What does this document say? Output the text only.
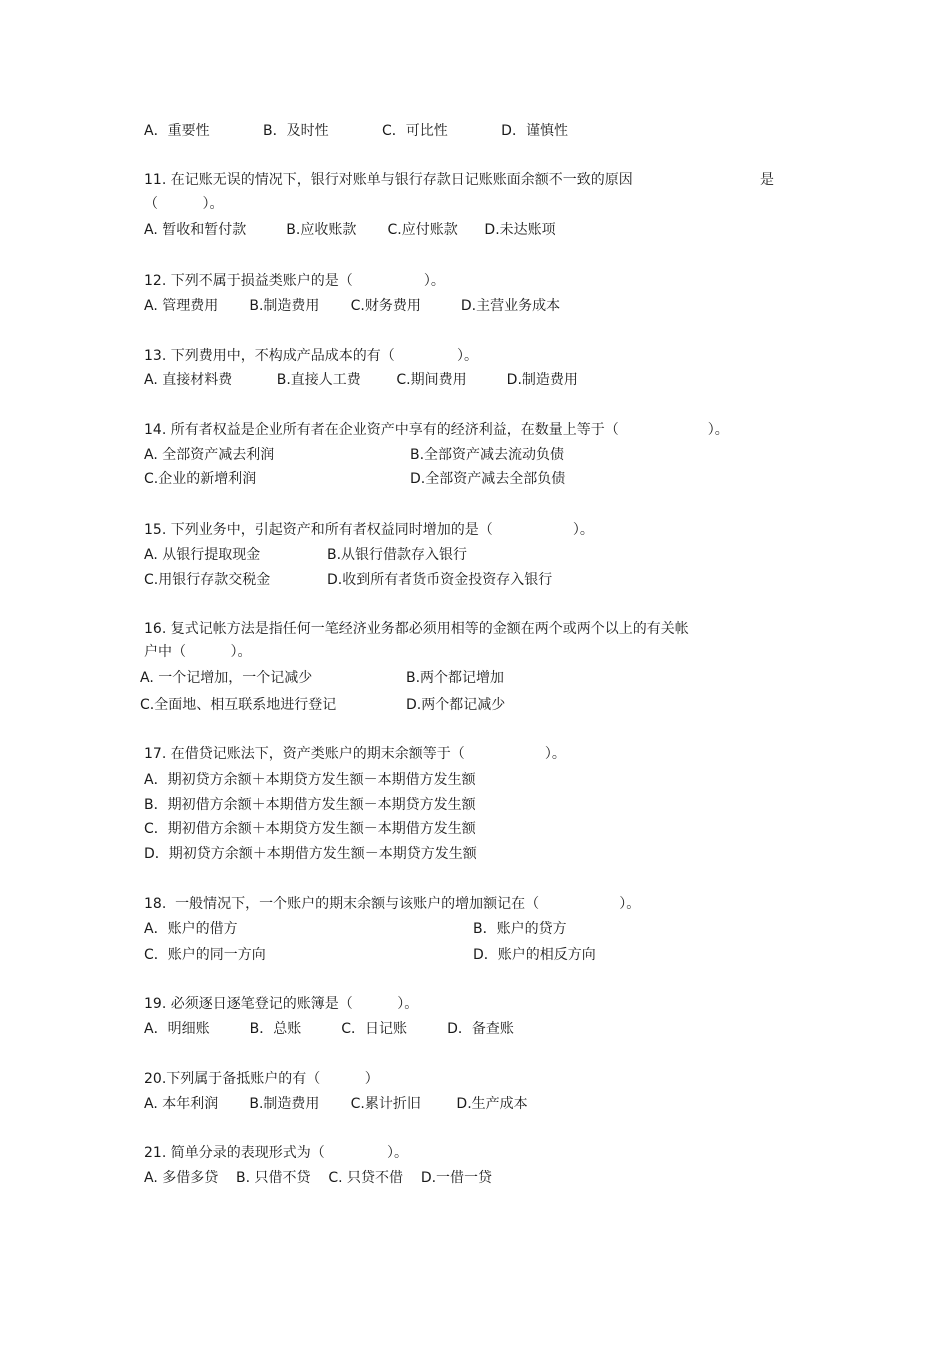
A．重要性            B．及时性            C．可比性            D．谨慎性
11. 在记账无误的情况下，银行对账单与银行存款日记账账面余额不一致的原因	是
（          ）。
A. 暂收和暂付款         B.应收账款       C.应付账款      D.未达账项
12. 下列不属于损益类账户的是（                ）。
A. 管理费用       B.制造费用       C.财务费用         D.主营业务成本
13. 下列费用中，不构成产品成本的有（              ）。
A. 直接材料费          B.直接人工费        C.期间费用         D.制造费用
14. 所有者权益是企业所有者在企业资产中享有的经济利益，在数量上等于（                    ）。
A. 全部资产减去利润	B.全部资产减去流动负债
C.企业的新增利润	D.全部资产减去全部负债
15. 下列业务中，引起资产和所有者权益同时增加的是（                  ）。
A. 从银行提取现金	B.从银行借款存入银行
C.用银行存款交税金	D.收到所有者货币资金投资存入银行
16. 复式记帐方法是指任何一笔经济业务都必须用相等的金额在两个或两个以上的有关帐
户中（          ）。
A. 一个记增加，一个记减少	B.两个都记增加
C.全面地、相互联系地进行登记	D.两个都记减少
17. 在借贷记账法下，资产类账户的期末余额等于（                  ）。
A．期初贷方余额＋本期贷方发生额－本期借方发生额
B．期初借方余额＋本期借方发生额－本期贷方发生额
C．期初借方余额＋本期贷方发生额－本期借方发生额
D．期初贷方余额＋本期借方发生额－本期贷方发生额
18.  一般情况下，一个账户的期末余额与该账户的增加额记在（                  ）。
A．账户的借方	B．账户的贷方
C．账户的同一方向	D．账户的相反方向
19. 必须逐日逐笔登记的账簿是（          ）。
A．明细账         B．总账         C．日记账         D．备查账
20.下列属于备抵账户的有（          ）
A. 本年利润       B.制造费用       C.累计折旧        D.生产成本
21. 简单分录的表现形式为（              ）。
A. 多借多贷    B. 只借不贷    C. 只贷不借    D.一借一贷
